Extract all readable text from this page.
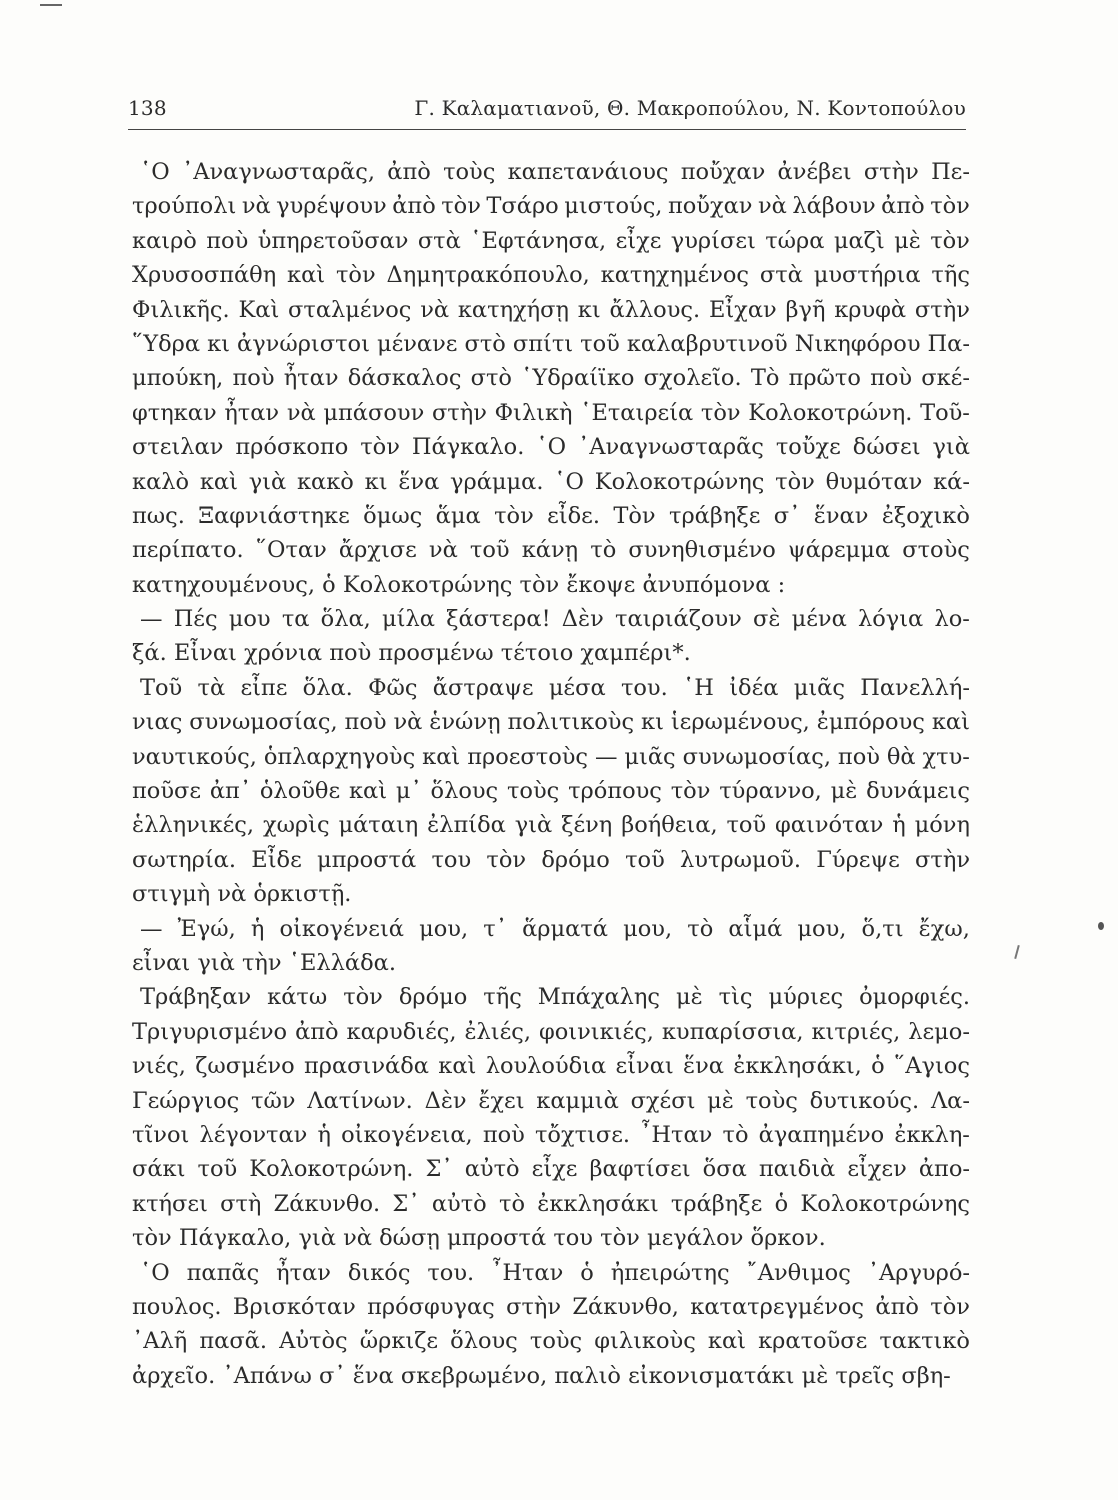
138	Γ. Καλαματιανοῦ, Θ. Μακροπούλου, Ν. Κοντοπούλου
῾Ο ᾽Αναγνωσταρᾶς, ἀπὸ τοὺς καπετανάιους ποὔχαν ἀνέβει στὴν Πε-
τρούπολι νὰ γυρέψουν ἀπὸ τὸν Τσάρο μιστούς, ποὔχαν νὰ λάβουν ἀπὸ τὸν
καιρὸ ποὺ ὑπηρετοῦσαν στὰ ῾Εφτάνησα, εἶχε γυρίσει τώρα μαζὶ μὲ τὸν
Χρυσοσπάθη καὶ τὸν Δημητρακόπουλο, κατηχημένος στὰ μυστήρια τῆς
Φιλικῆς. Καὶ σταλμένος νὰ κατηχήσῃ κι ἄλλους. Εἶχαν βγῆ κρυφὰ στὴν
῞Υδρα κι ἀγνώριστοι μένανε στὸ σπίτι τοῦ καλαβρυτινοῦ Νικηφόρου Πα-
μπούκη, ποὺ ἦταν δάσκαλος στὸ ῾Υδραίϊκο σχολεῖο. Τὸ πρῶτο ποὺ σκέ-
φτηκαν ἦταν νὰ μπάσουν στὴν Φιλικὴ ῾Εταιρεία τὸν Κολοκοτρώνη. Τοῦ-
στειλαν πρόσκοπο τὸν Πάγκαλο. ῾Ο ᾽Αναγνωσταρᾶς τοὔχε δώσει γιὰ
καλὸ καὶ γιὰ κακὸ κι ἕνα γράμμα. ῾Ο Κολοκοτρώνης τὸν θυμόταν κά-
πως. Ξαφνιάστηκε ὅμως ἅμα τὸν εἶδε. Τὸν τράβηξε σ᾽ ἕναν ἐξοχικὸ
περίπατο. ῞Οταν ἄρχισε νὰ τοῦ κάνῃ τὸ συνηθισμένο ψάρεμμα στοὺς
κατηχουμένους, ὁ Κολοκοτρώνης τὸν ἔκοψε ἀνυπόμονα :
— Πές μου τα ὅλα, μίλα ξάστερα! Δὲν ταιριάζουν σὲ μένα λόγια λο-
ξά. Εἶναι χρόνια ποὺ προσμένω τέτοιο χαμπέρι*.
Τοῦ τὰ εἶπε ὅλα. Φῶς ἄστραψε μέσα του. ῾Η ἰδέα μιᾶς Πανελλή-
νιας συνωμοσίας, ποὺ νὰ ἑνώνῃ πολιτικοὺς κι ἱερωμένους, ἐμπόρους καὶ
ναυτικούς, ὁπλαρχηγοὺς καὶ προεστοὺς — μιᾶς συνωμοσίας, ποὺ θὰ χτυ-
ποῦσε ἀπ᾽ ὁλοῦθε καὶ μ᾽ ὅλους τοὺς τρόπους τὸν τύραννο, μὲ δυνάμεις
ἑλληνικές, χωρὶς μάταιη ἐλπίδα γιὰ ξένη βοήθεια, τοῦ φαινόταν ἡ μόνη
σωτηρία. Εἶδε μπροστά του τὸν δρόμο τοῦ λυτρωμοῦ. Γύρεψε στὴν
στιγμὴ νὰ ὁρκιστῇ.
— Ἐγώ, ἡ οἰκογένειά μου, τ᾽ ἅρματά μου, τὸ αἷμά μου, ὅ,τι ἔχω,
εἶναι γιὰ τὴν ῾Ελλάδα.
Τράβηξαν κάτω τὸν δρόμο τῆς Μπάχαλης μὲ τὶς μύριες ὀμορφιές.
Τριγυρισμένο ἀπὸ καρυδιές, ἐλιές, φοινικιές, κυπαρίσσια, κιτριές, λεμο-
νιές, ζωσμένο πρασινάδα καὶ λουλούδια εἶναι ἕνα ἐκκλησάκι, ὁ ῞Αγιος
Γεώργιος τῶν Λατίνων. Δὲν ἔχει καμμιὰ σχέσι μὲ τοὺς δυτικούς. Λα-
τῖνοι λέγονταν ἡ οἰκογένεια, ποὺ τὄχτισε. ῏Ηταν τὸ ἀγαπημένο ἐκκλη-
σάκι τοῦ Κολοκοτρώνη. Σ᾽ αὐτὸ εἶχε βαφτίσει ὅσα παιδιὰ εἶχεν ἀπο-
κτήσει στὴ Ζάκυνθο. Σ᾽ αὐτὸ τὸ ἐκκλησάκι τράβηξε ὁ Κολοκοτρώνης
τὸν Πάγκαλο, γιὰ νὰ δώσῃ μπροστά του τὸν μεγάλον ὅρκον.
῾Ο παπᾶς ἦταν δικός του. ῏Ηταν ὁ ἠπειρώτης ῎Ανθιμος ᾽Αργυρό-
πουλος. Βρισκόταν πρόσφυγας στὴν Ζάκυνθο, κατατρεγμένος ἀπὸ τὸν
᾽Αλῆ πασᾶ. Αὐτὸς ὥρκιζε ὅλους τοὺς φιλικοὺς καὶ κρατοῦσε τακτικὸ
ἀρχεῖο. ᾽Απάνω σ᾽ ἕνα σκεβρωμένο, παλιὸ εἰκονισματάκι μὲ τρεῖς σβη-
